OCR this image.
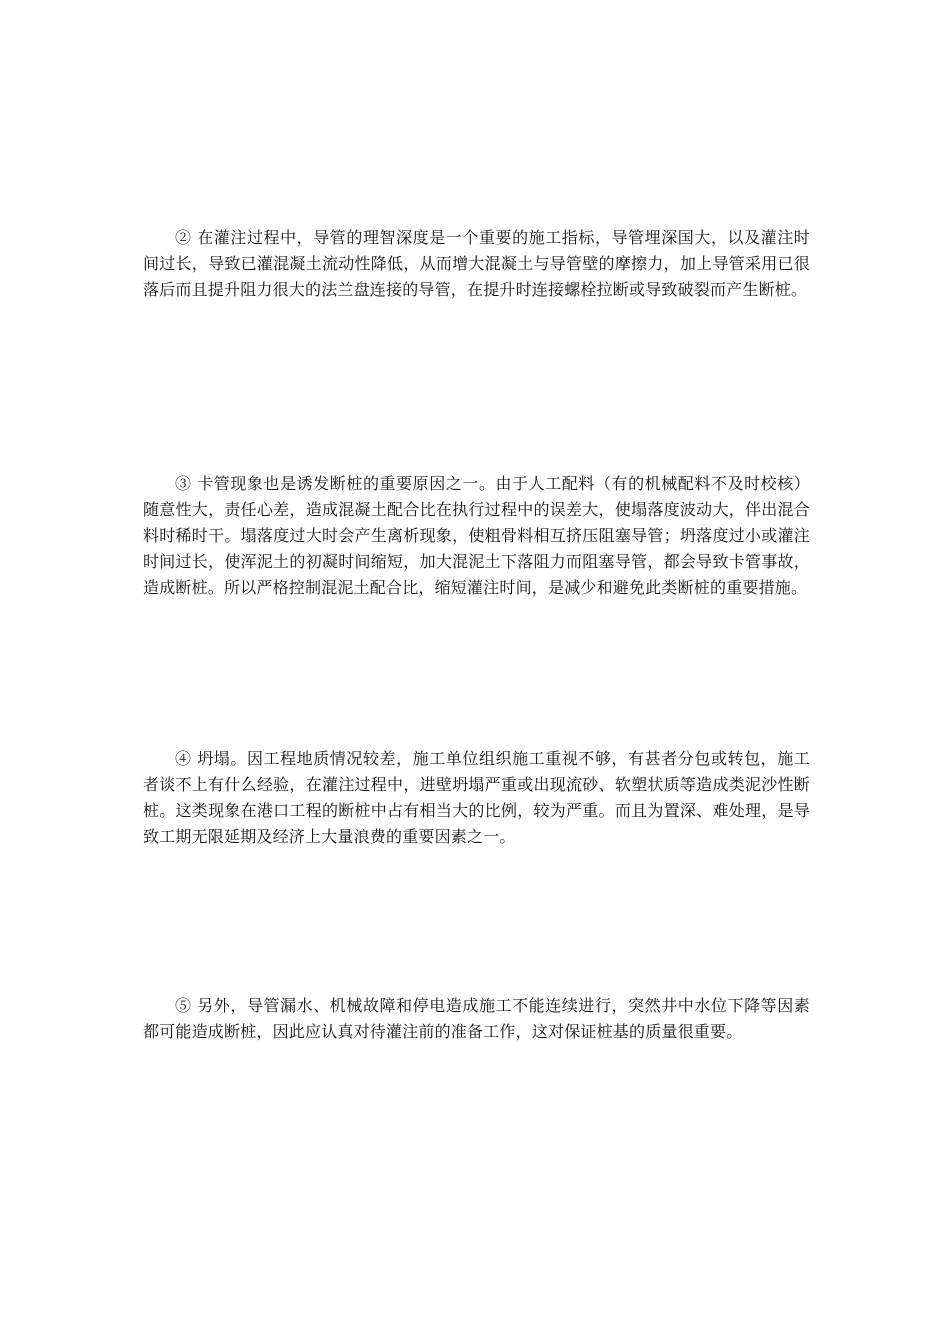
② 在灌注过程中，导管的理智深度是一个重要的施工指标，导管埋深国大，以及灌注时间过长，导致已灌混凝土流动性降低，从而增大混凝土与导管壁的摩擦力，加上导管采用已很落后而且提升阻力很大的法兰盘连接的导管，在提升时连接螺栓拉断或导致破裂而产生断桩。

③ 卡管现象也是诱发断桩的重要原因之一。由于人工配料（有的机械配料不及时校核）随意性大，责任心差，造成混凝土配合比在执行过程中的误差大，使塌落度波动大，伴出混合料时稀时干。塌落度过大时会产生离析现象，使粗骨料相互挤压阻塞导管；坍落度过小或灌注时间过长，使浑泥土的初凝时间缩短，加大混泥土下落阻力而阻塞导管，都会导致卡管事故，造成断桩。所以严格控制混泥土配合比，缩短灌注时间，是减少和避免此类断桩的重要措施。

④ 坍塌。因工程地质情况较差，施工单位组织施工重视不够，有甚者分包或转包，施工者谈不上有什么经验，在灌注过程中，进壁坍塌严重或出现流砂、软塑状质等造成类泥沙性断桩。这类现象在港口工程的断桩中占有相当大的比例，较为严重。而且为置深、难处理，是导致工期无限延期及经济上大量浪费的重要因素之一。

⑤ 另外，导管漏水、机械故障和停电造成施工不能连续进行，突然井中水位下降等因素都可能造成断桩，因此应认真对待灌注前的准备工作，这对保证桩基的质量很重要。
